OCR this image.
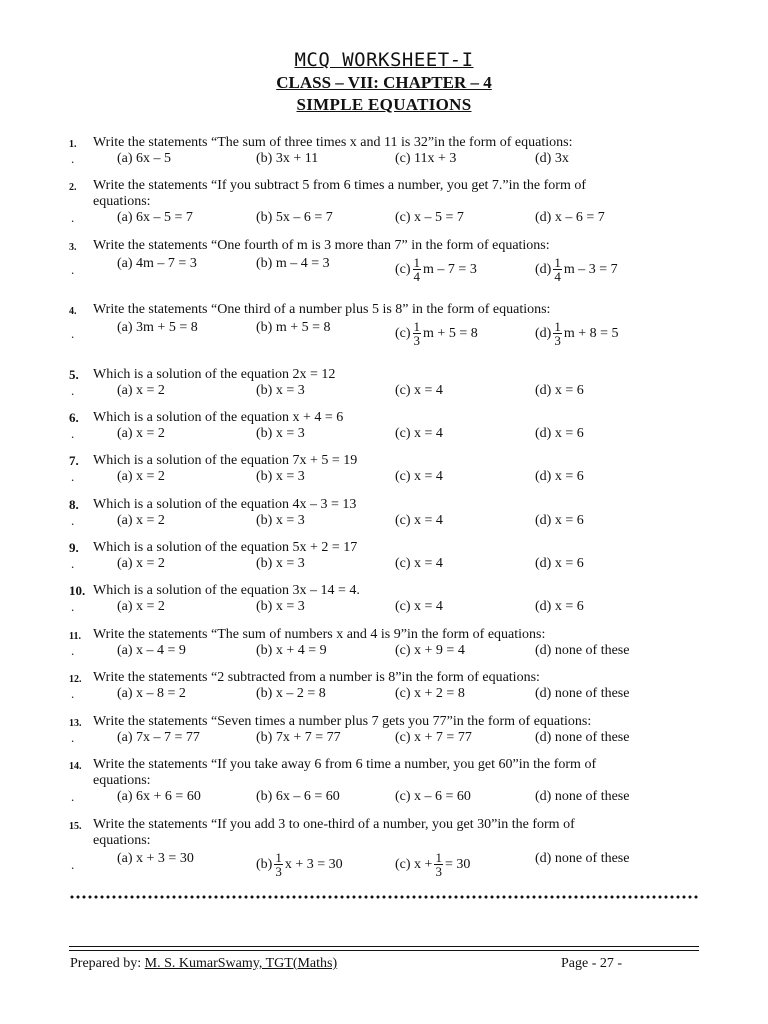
MCQ WORKSHEET-I

CLASS – VII: CHAPTER – 4

SIMPLE EQUATIONS

1. Write the statements “The sum of three times x and 11 is 32”in the form of equations:
.	(a) 6x – 5	(b) 3x + 11	(c) 11x + 3	(d) 3x
2. Write the statements “If you subtract 5 from 6 times a number, you get 7.”in the form of
equations:
.	(a) 6x – 5 = 7	(b) 5x – 6 = 7	(c) x – 5 = 7	(d) x – 6 = 7
3. Write the statements “One fourth of m is 3 more than 7” in the form of equations:
.	(a) 4m – 7 = 3	(b) m – 4 = 3	$(c) \frac{1}{4}$ m – 7 = 3	$(d) \frac{1}{4}$ m – 3 = 7
4. Write the statements “One third of a number plus 5 is 8” in the form of equations:
.	(a) 3m + 5 = 8	(b) m + 5 = 8	$(c) \frac{1}{3}$ m + 5 = 8	$(d) \frac{1}{3}$ m + 8 = 5
5. Which is a solution of the equation 2x = 12
.	(a) x = 2	(b) x = 3	(c) x = 4	(d) x = 6
6. Which is a solution of the equation x + 4 = 6
.	(a) x = 2	(b) x = 3	(c) x = 4	(d) x = 6
7. Which is a solution of the equation 7x + 5 = 19
.	(a) x = 2	(b) x = 3	(c) x = 4	(d) x = 6
8. Which is a solution of the equation 4x – 3 = 13
.	(a) x = 2	(b) x = 3	(c) x = 4	(d) x = 6
9. Which is a solution of the equation 5x + 2 = 17
.	(a) x = 2	(b) x = 3	(c) x = 4	(d) x = 6
10. Which is a solution of the equation 3x – 14 = 4.
.	(a) x = 2	(b) x = 3	(c) x = 4	(d) x = 6
11. Write the statements “The sum of numbers x and 4 is 9”in the form of equations:
.	(a) x – 4 = 9	(b) x + 4 = 9	(c) x + 9 = 4	(d) none of these
12. Write the statements “2 subtracted from a number is 8”in the form of equations:
.	(a) x – 8 = 2	(b) x – 2 = 8	(c) x + 2 = 8	(d) none of these
13. Write the statements “Seven times a number plus 7 gets you 77”in the form of equations:
.	(a) 7x – 7 = 77	(b) 7x + 7 = 77	(c) x + 7 = 77	(d) none of these
14. Write the statements “If you take away 6 from 6 time a number, you get 60”in the form of
equations:
.	(a) 6x + 6 = 60	(b) 6x – 6 = 60	(c) x – 6 = 60	(d) none of these
15. Write the statements “If you add 3 to one-third of a number, you get 30”in the form of
equations:
.	(a) x + 3 = 30	$(b) \frac{1}{3}$ x + 3 = 30	(c) $x + \frac{1}{3} = 30$	(d) none of these
Prepared by: M. S. KumarSwamy, TGT(Maths)	Page - 27 -
